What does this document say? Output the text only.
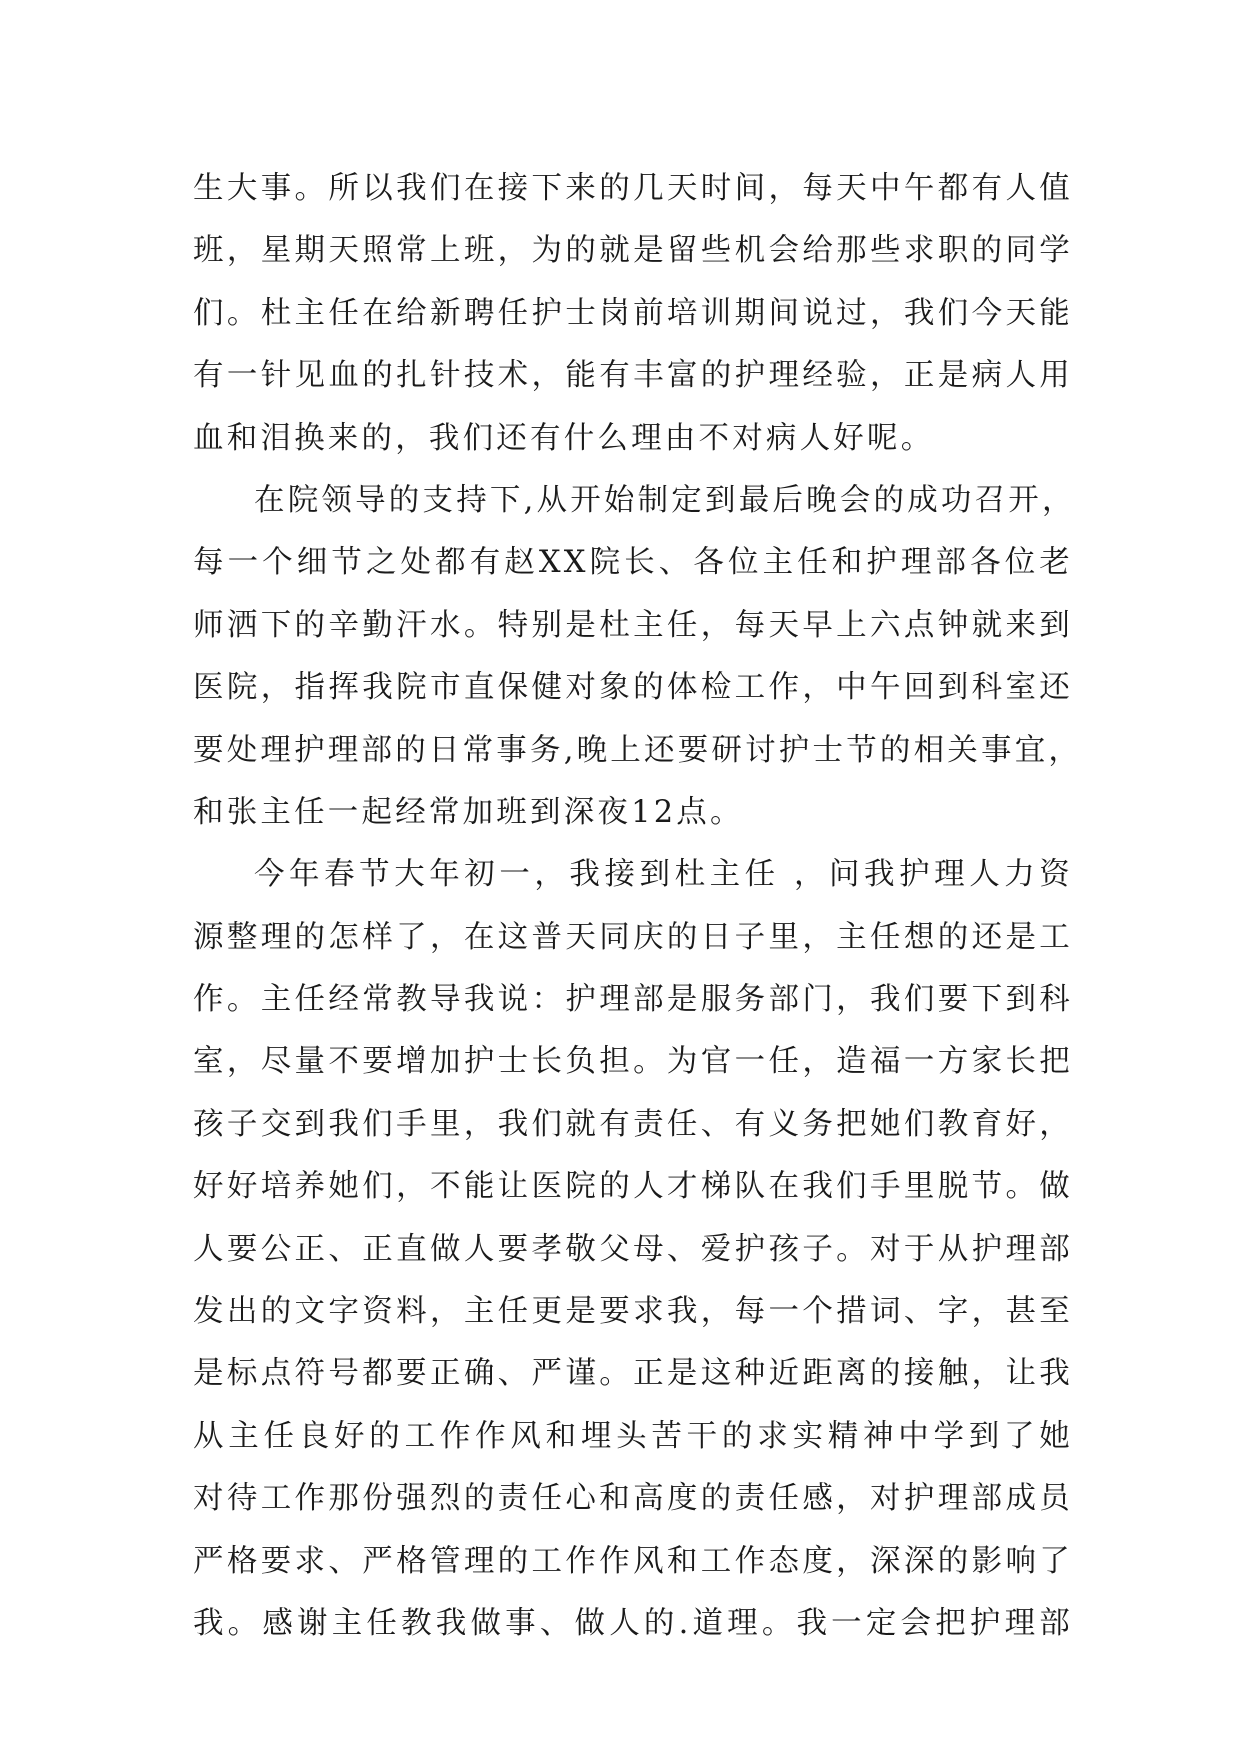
生大事。所以我们在接下来的几天时间，每天中午都有人值
班，星期天照常上班，为的就是留些机会给那些求职的同学
们。杜主任在给新聘任护士岗前培训期间说过，我们今天能
有一针见血的扎针技术，能有丰富的护理经验，正是病人用
血和泪换来的，我们还有什么理由不对病人好呢。
在院领导的支持下,从开始制定到最后晚会的成功召开，
每一个细节之处都有赵XX院长、各位主任和护理部各位老
师洒下的辛勤汗水。特别是杜主任，每天早上六点钟就来到
医院，指挥我院市直保健对象的体检工作，中午回到科室还
要处理护理部的日常事务,晚上还要研讨护士节的相关事宜，
和张主任一起经常加班到深夜12点。
今年春节大年初一，我接到杜主任 ，问我护理人力资
源整理的怎样了，在这普天同庆的日子里，主任想的还是工
作。主任经常教导我说：护理部是服务部门，我们要下到科
室，尽量不要增加护士长负担。为官一任，造福一方家长把
孩子交到我们手里，我们就有责任、有义务把她们教育好，
好好培养她们，不能让医院的人才梯队在我们手里脱节。做
人要公正、正直做人要孝敬父母、爱护孩子。对于从护理部
发出的文字资料，主任更是要求我，每一个措词、字，甚至
是标点符号都要正确、严谨。正是这种近距离的接触，让我
从主任良好的工作作风和埋头苦干的求实精神中学到了她
对待工作那份强烈的责任心和高度的责任感，对护理部成员
严格要求、严格管理的工作作风和工作态度，深深的影响了
我。感谢主任教我做事、做人的.道理。我一定会把护理部
